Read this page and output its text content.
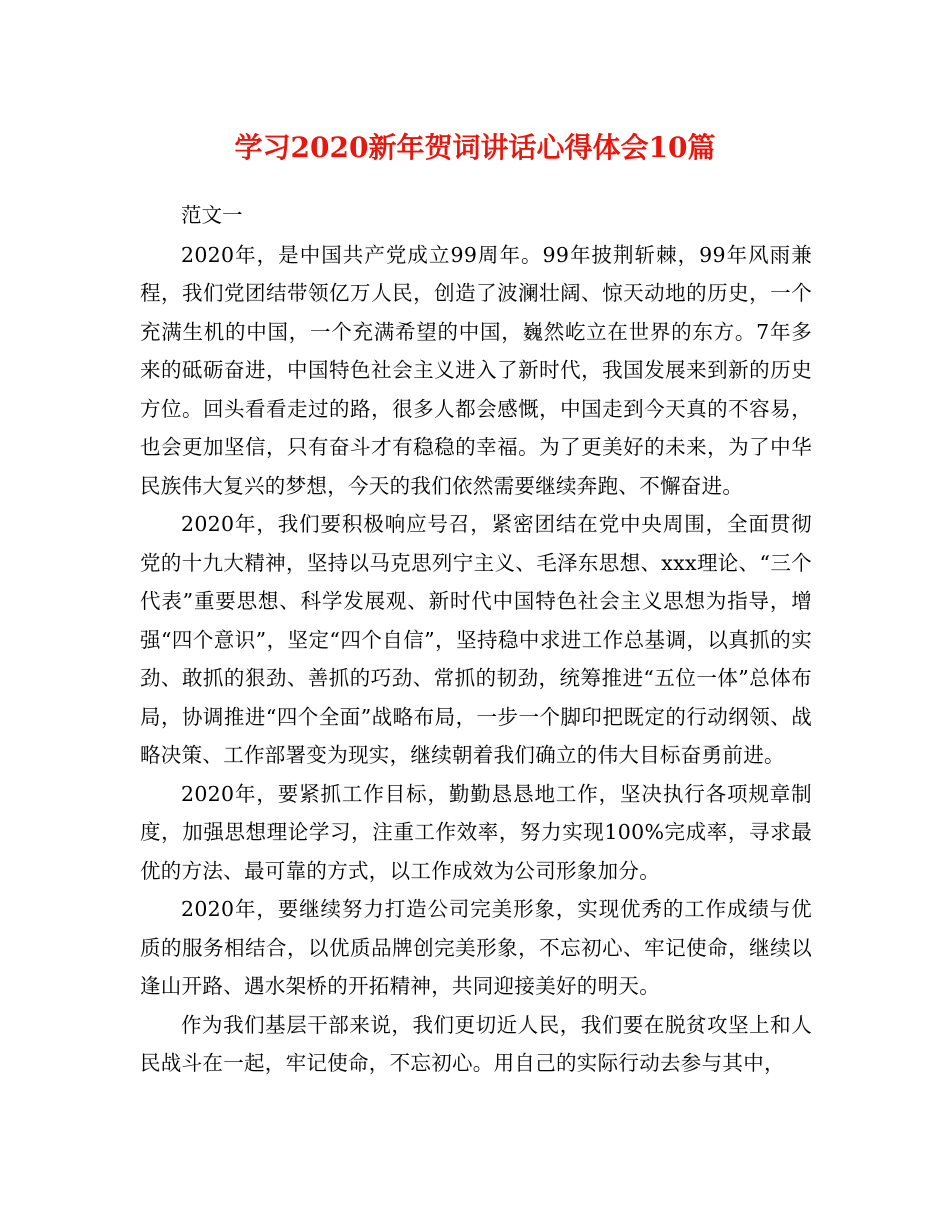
学习2020新年贺词讲话心得体会10篇

范文一

2020年，是中国共产党成立99周年。99年披荆斩棘，99年风雨兼程，我们党团结带领亿万人民，创造了波澜壮阔、惊天动地的历史，一个充满生机的中国，一个充满希望的中国，巍然屹立在世界的东方。7年多来的砥砺奋进，中国特色社会主义进入了新时代，我国发展来到新的历史方位。回头看看走过的路，很多人都会感慨，中国走到今天真的不容易，也会更加坚信，只有奋斗才有稳稳的幸福。为了更美好的未来，为了中华民族伟大复兴的梦想，今天的我们依然需要继续奔跑、不懈奋进。

2020年，我们要积极响应号召，紧密团结在党中央周围，全面贯彻党的十九大精神，坚持以马克思列宁主义、毛泽东思想、xxx理论、“三个代表”重要思想、科学发展观、新时代中国特色社会主义思想为指导，增强“四个意识”，坚定“四个自信”，坚持稳中求进工作总基调，以真抓的实劲、敢抓的狠劲、善抓的巧劲、常抓的韧劲，统筹推进“五位一体”总体布局，协调推进“四个全面”战略布局，一步一个脚印把既定的行动纲领、战略决策、工作部署变为现实，继续朝着我们确立的伟大目标奋勇前进。

2020年，要紧抓工作目标，勤勤恳恳地工作，坚决执行各项规章制度，加强思想理论学习，注重工作效率，努力实现100%完成率，寻求最优的方法、最可靠的方式，以工作成效为公司形象加分。

2020年，要继续努力打造公司完美形象，实现优秀的工作成绩与优质的服务相结合，以优质品牌创完美形象，不忘初心、牢记使命，继续以逢山开路、遇水架桥的开拓精神，共同迎接美好的明天。

作为我们基层干部来说，我们更切近人民，我们要在脱贫攻坚上和人民战斗在一起，牢记使命，不忘初心。用自己的实际行动去参与其中，
